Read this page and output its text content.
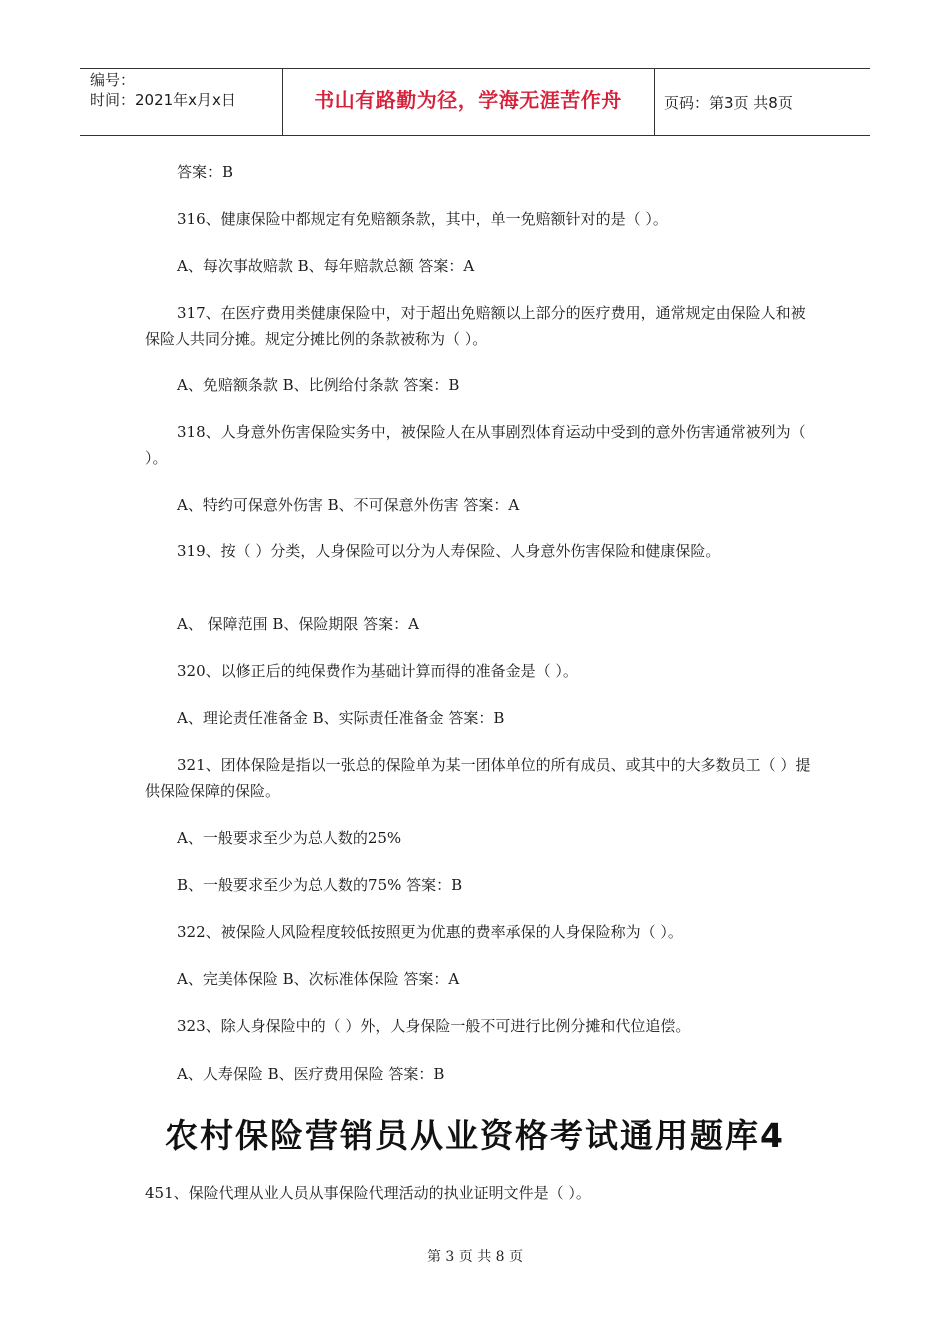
编号：
时间：2021年x月x日	书山有路勤为径，学海无涯苦作舟	页码：第3页 共8页

答案：B

316、健康保险中都规定有免赔额条款，其中，单一免赔额针对的是（ ）。

A、每次事故赔款 B、每年赔款总额 答案：A

317、在医疗费用类健康保险中，对于超出免赔额以上部分的医疗费用，通常规定由保险人和被保险人共同分摊。规定分摊比例的条款被称为（ ）。

A、免赔额条款 B、比例给付条款 答案：B

318、人身意外伤害保险实务中，被保险人在从事剧烈体育运动中受到的意外伤害通常被列为（ ）。

A、特约可保意外伤害 B、不可保意外伤害 答案：A

319、按（ ）分类，人身保险可以分为人寿保险、人身意外伤害保险和健康保险。

A、 保障范围 B、保险期限 答案：A

320、以修正后的纯保费作为基础计算而得的准备金是（ ）。

A、理论责任准备金 B、实际责任准备金 答案：B

321、团体保险是指以一张总的保险单为某一团体单位的所有成员、或其中的大多数员工（ ）提供保险保障的保险。

A、一般要求至少为总人数的25%

B、一般要求至少为总人数的75% 答案：B

322、被保险人风险程度较低按照更为优惠的费率承保的人身保险称为（ ）。

A、完美体保险 B、次标准体保险 答案：A

323、除人身保险中的（ ）外，人身保险一般不可进行比例分摊和代位追偿。

A、人寿保险 B、医疗费用保险 答案：B

农村保险营销员从业资格考试通用题库4

451、保险代理从业人员从事保险代理活动的执业证明文件是（ ）。

第 3 页 共 8 页
